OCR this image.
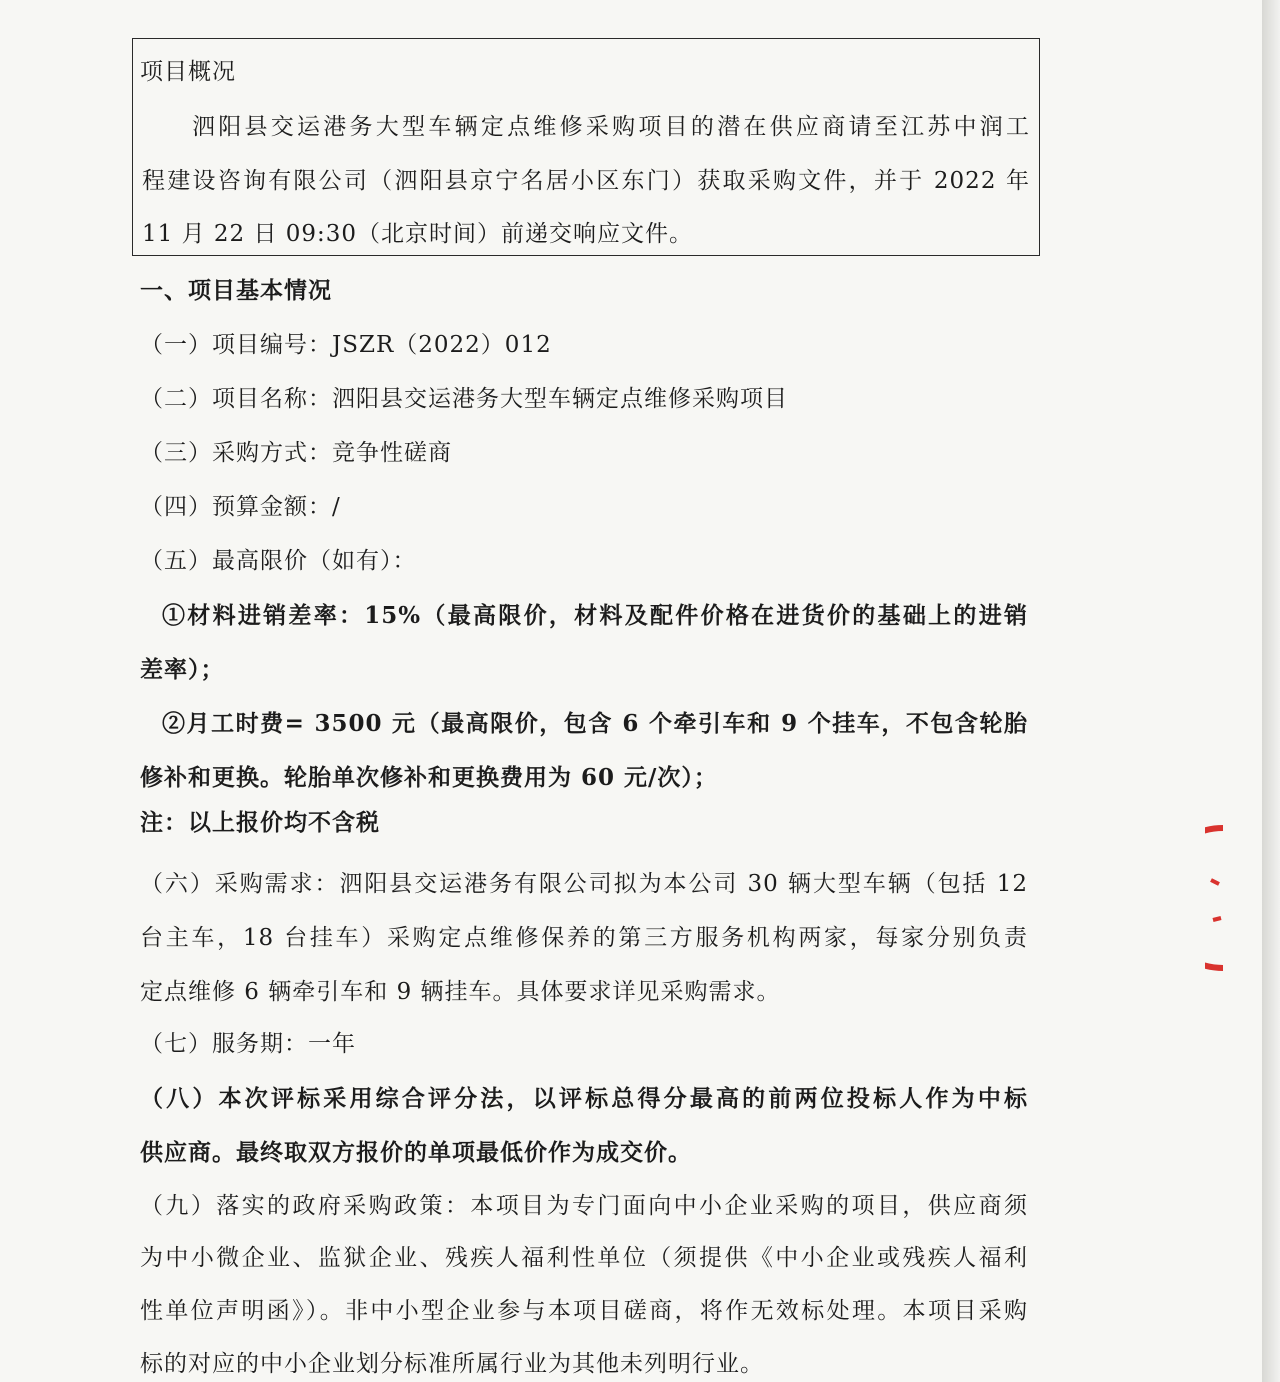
项目概况
泗阳县交运港务大型车辆定点维修采购项目的潜在供应商请至江苏中润工
程建设咨询有限公司（泗阳县京宁名居小区东门）获取采购文件，并于 2022 年
11 月 22 日 09:30（北京时间）前递交响应文件。
一、项目基本情况
（一）项目编号：JSZR（2022）012
（二）项目名称：泗阳县交运港务大型车辆定点维修采购项目
（三）采购方式：竞争性磋商
（四）预算金额：/
（五）最高限价（如有）：
①材料进销差率：15%（最高限价，材料及配件价格在进货价的基础上的进销
差率）；
②月工时费= 3500 元（最高限价，包含 6 个牵引车和 9 个挂车，不包含轮胎
修补和更换。轮胎单次修补和更换费用为 60 元/次）；
注：以上报价均不含税
（六）采购需求：泗阳县交运港务有限公司拟为本公司 30 辆大型车辆（包括 12
台主车，18 台挂车）采购定点维修保养的第三方服务机构两家，每家分别负责
定点维修 6 辆牵引车和 9 辆挂车。具体要求详见采购需求。
（七）服务期：一年
（八）本次评标采用综合评分法，以评标总得分最高的前两位投标人作为中标
供应商。最终取双方报价的单项最低价作为成交价。
（九）落实的政府采购政策：本项目为专门面向中小企业采购的项目，供应商须
为中小微企业、监狱企业、残疾人福利性单位（须提供《中小企业或残疾人福利
性单位声明函》）。非中小型企业参与本项目磋商，将作无效标处理。本项目采购
标的对应的中小企业划分标准所属行业为其他未列明行业。
